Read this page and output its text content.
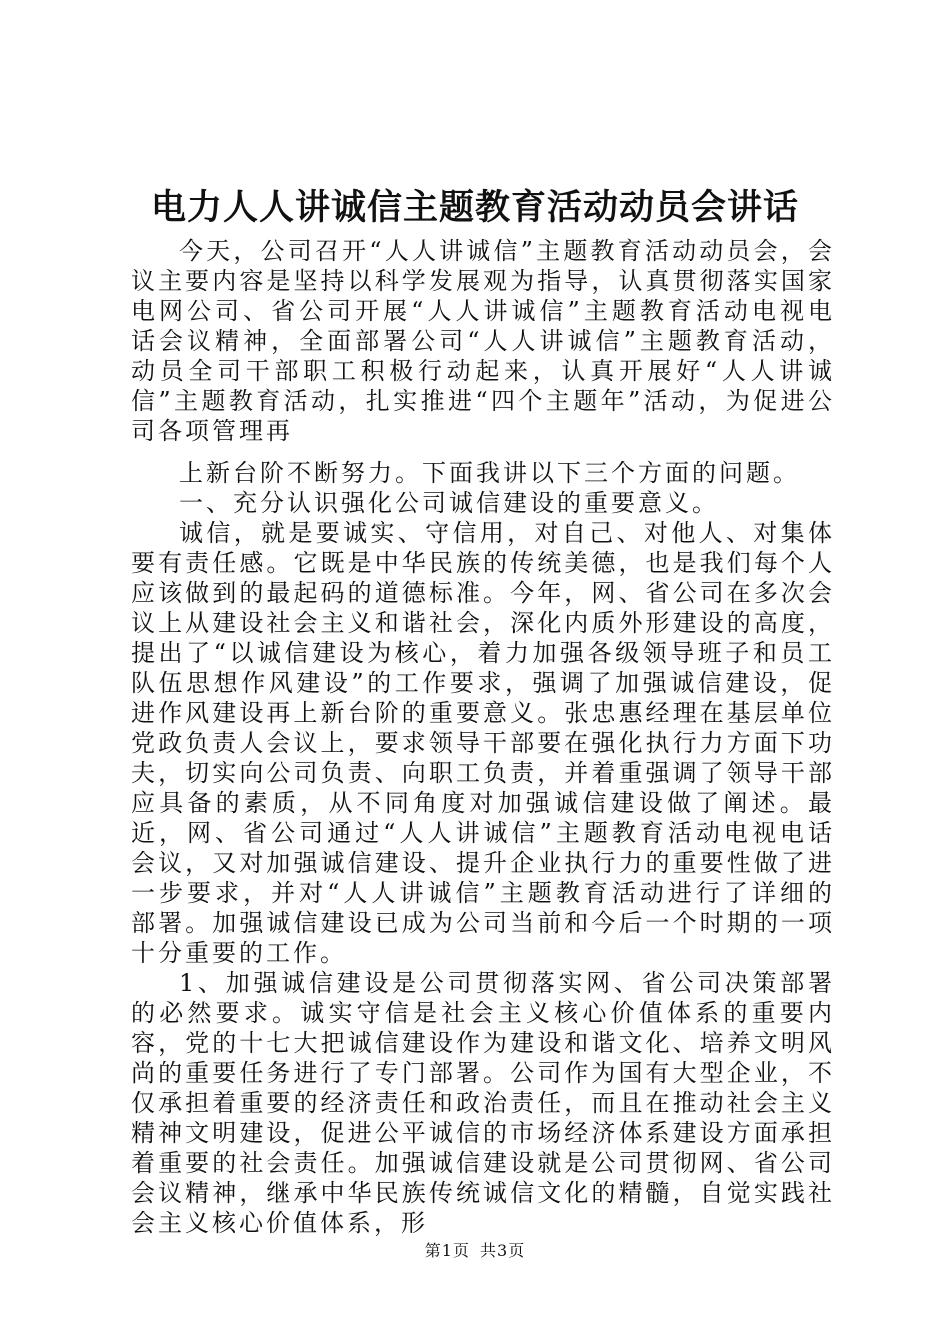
电力人人讲诚信主题教育活动动员会讲话

今天，公司召开“人人讲诚信”主题教育活动动员会，会议主要内容是坚持以科学发展观为指导，认真贯彻落实国家电网公司、省公司开展“人人讲诚信”主题教育活动电视电话会议精神，全面部署公司“人人讲诚信”主题教育活动，动员全司干部职工积极行动起来，认真开展好“人人讲诚信”主题教育活动，扎实推进“四个主题年”活动，为促进公司各项管理再

上新台阶不断努力。下面我讲以下三个方面的问题。

一、充分认识强化公司诚信建设的重要意义。

诚信，就是要诚实、守信用，对自己、对他人、对集体要有责任感。它既是中华民族的传统美德，也是我们每个人应该做到的最起码的道德标准。今年，网、省公司在多次会议上从建设社会主义和谐社会，深化内质外形建设的高度，提出了“以诚信建设为核心，着力加强各级领导班子和员工队伍思想作风建设”的工作要求，强调了加强诚信建设，促进作风建设再上新台阶的重要意义。张忠惠经理在基层单位党政负责人会议上，要求领导干部要在强化执行力方面下功夫，切实向公司负责、向职工负责，并着重强调了领导干部应具备的素质，从不同角度对加强诚信建设做了阐述。最近，网、省公司通过“人人讲诚信”主题教育活动电视电话会议，又对加强诚信建设、提升企业执行力的重要性做了进一步要求，并对“人人讲诚信”主题教育活动进行了详细的部署。加强诚信建设已成为公司当前和今后一个时期的一项十分重要的工作。

1、加强诚信建设是公司贯彻落实网、省公司决策部署的必然要求。诚实守信是社会主义核心价值体系的重要内容，党的十七大把诚信建设作为建设和谐文化、培养文明风尚的重要任务进行了专门部署。公司作为国有大型企业，不仅承担着重要的经济责任和政治责任，而且在推动社会主义精神文明建设，促进公平诚信的市场经济体系建设方面承担着重要的社会责任。加强诚信建设就是公司贯彻网、省公司会议精神，继承中华民族传统诚信文化的精髓，自觉实践社会主义核心价值体系，形

第1页 共3页
